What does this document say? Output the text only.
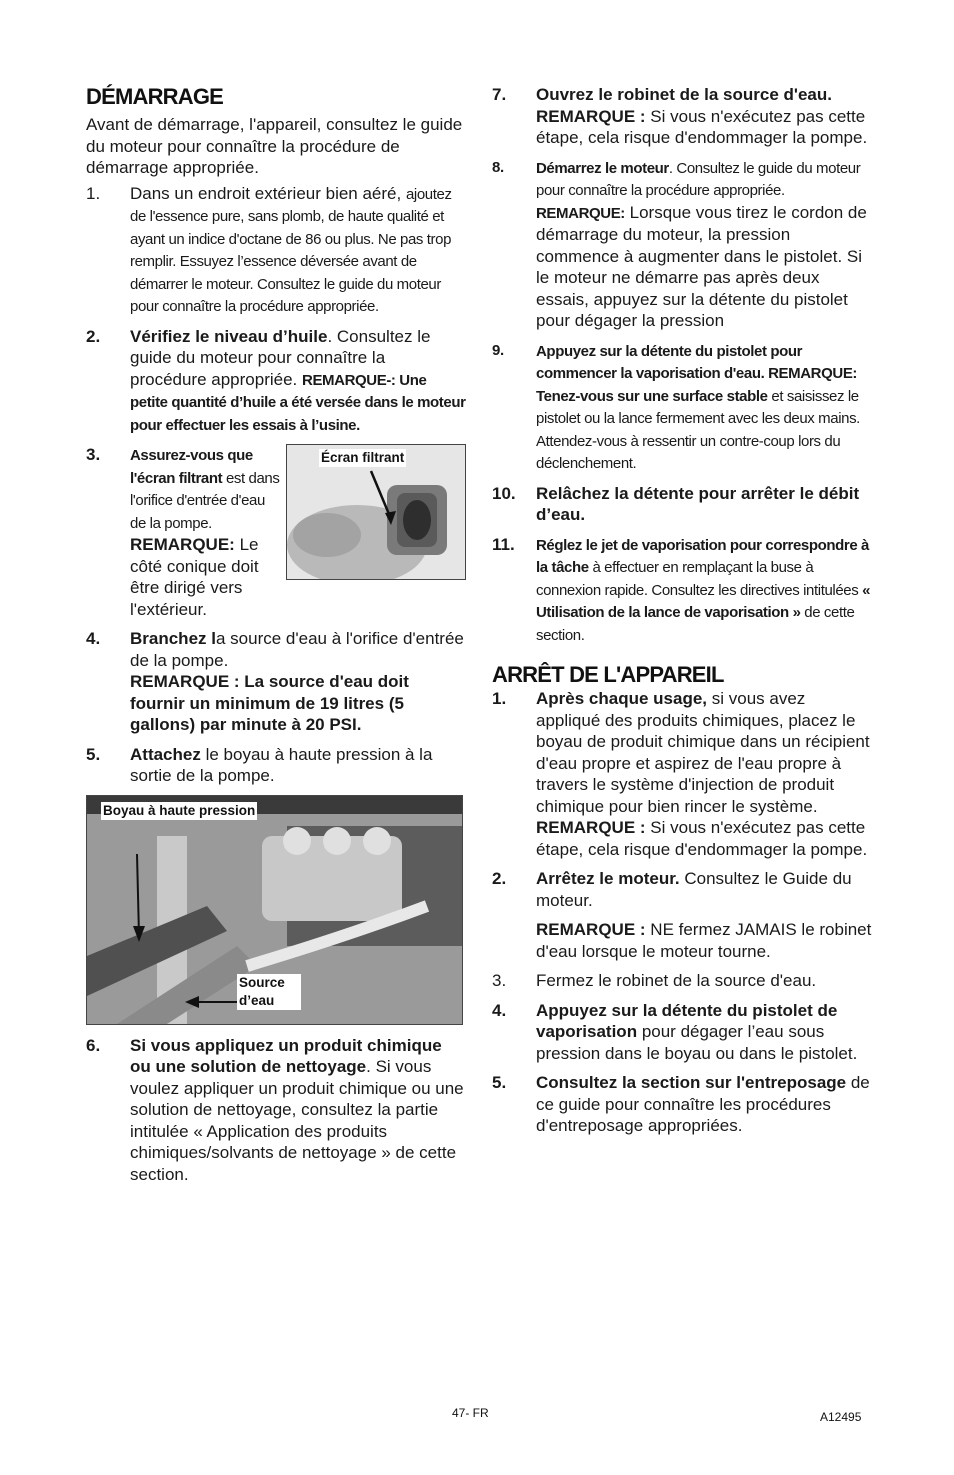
DÉMARRAGE

Avant de démarrage, l'appareil, consultez le guide du moteur pour connaître la procédure de démarrage appropriée.

1.	Dans un endroit extérieur bien aéré, ajoutez de l'essence pure, sans plomb, de haute qualité et ayant un indice d'octane de 86 ou plus. Ne pas trop remplir. Essuyez l’essence déversée avant de démarrer le moteur. Consultez le guide du moteur pour connaître la procédure appropriée.
2.	Vérifiez le niveau d’huile. Consultez le guide du moteur pour connaître la procédure appropriée. REMARQUE-: Une petite quantité d’huile a été versée dans le moteur pour effectuer les essais à l’usine.
3.	Écran filtrant
Assurez-vous que l'écran filtrant est dans l'orifice d'entrée d'eau de la pompe.
REMARQUE: Le côté conique doit être dirigé vers l'extérieur.
4.	Branchez la source d'eau à l'orifice d'entrée de la pompe.
REMARQUE : La source d'eau doit fournir un minimum de 19 litres (5 gallons) par minute à 20 PSI.
5.	Attachez le boyau à haute pression à la sortie de la pompe.
Boyau à haute pression
Source d’eau
6.	Si vous appliquez un produit chimique ou une solution de nettoyage. Si vous voulez appliquer un produit chimique ou une solution de nettoyage, consultez la partie intitulée « Application des produits chimiques/solvants de nettoyage » de cette section.
7.	Ouvrez le robinet de la source d'eau. REMARQUE : Si vous n'exécutez pas cette étape, cela risque d'endommager la pompe.
8.	Démarrez le moteur. Consultez le guide du moteur pour connaître la procédure appropriée. REMARQUE: Lorsque vous tirez le cordon de démarrage du moteur, la pression commence à augmenter dans le pistolet. Si le moteur ne démarre pas après deux essais, appuyez sur la détente du pistolet pour dégager la pression
9.	Appuyez sur la détente du pistolet pour commencer la vaporisation d'eau. REMARQUE: Tenez-vous sur une surface stable et saisissez le pistolet ou la lance fermement avec les deux mains. Attendez-vous à ressentir un contre-coup lors du déclenchement.
10.	Relâchez la détente pour arrêter le débit d’eau.
11.	Réglez le jet de vaporisation pour correspondre à la tâche à effectuer en remplaçant la buse à connexion rapide. Consultez les directives intitulées « Utilisation de la lance de vaporisation » de cette section.
ARRÊT DE L'APPAREIL
1.	Après chaque usage, si vous avez appliqué des produits chimiques, placez le boyau de produit chimique dans un récipient d'eau propre et aspirez de l'eau propre à travers le système d'injection de produit chimique pour bien rincer le système. REMARQUE : Si vous n'exécutez pas cette étape, cela risque d'endommager la pompe.
2.	Arrêtez le moteur. Consultez le Guide du moteur.
REMARQUE : NE fermez JAMAIS le robinet d'eau lorsque le moteur tourne.
3.	Fermez le robinet de la source d'eau.
4.	Appuyez sur la détente du pistolet de vaporisation pour dégager l’eau sous pression dans le boyau ou dans le pistolet.
5.	Consultez la section sur l'entreposage de ce guide pour connaître les procédures d'entreposage appropriées.
47- FR	A12495
